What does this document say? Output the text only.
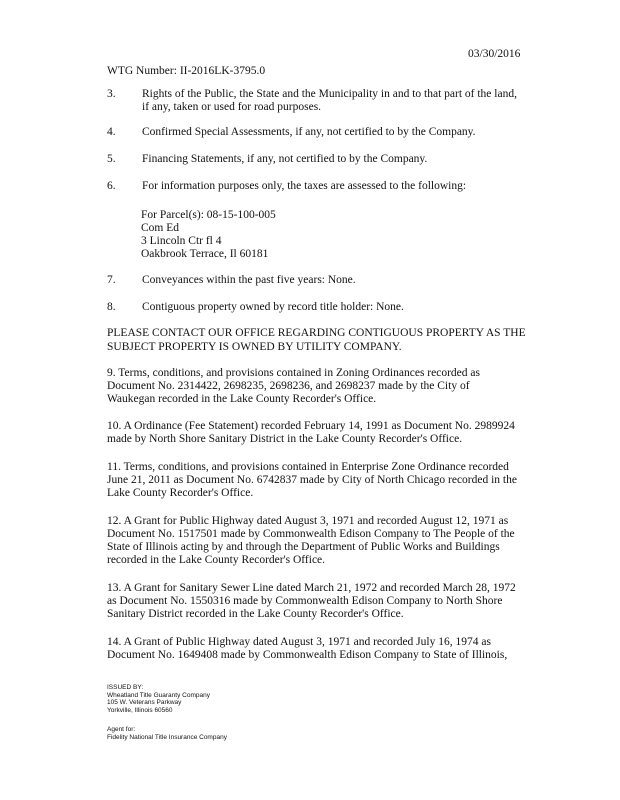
03/30/2016
WTG Number: II-2016LK-3795.0
3. Rights of the Public, the State and the Municipality in and to that part of the land, if any, taken or used for road purposes.
4. Confirmed Special Assessments, if any, not certified to by the Company.
5. Financing Statements, if any, not certified to by the Company.
6. For information purposes only, the taxes are assessed to the following:
For Parcel(s): 08-15-100-005
Com Ed
3 Lincoln Ctr fl 4
Oakbrook Terrace, Il 60181
7. Conveyances within the past five years: None.
8. Contiguous property owned by record title holder: None.
PLEASE CONTACT OUR OFFICE REGARDING CONTIGUOUS PROPERTY AS THE SUBJECT PROPERTY IS OWNED BY UTILITY COMPANY.
9. Terms, conditions, and provisions contained in Zoning Ordinances recorded as Document No. 2314422, 2698235, 2698236, and 2698237 made by the City of Waukegan recorded in the Lake County Recorder's Office.
10. A Ordinance (Fee Statement) recorded February 14, 1991 as Document No. 2989924 made by North Shore Sanitary District in the Lake County Recorder's Office.
11. Terms, conditions, and provisions contained in Enterprise Zone Ordinance recorded June 21, 2011 as Document No. 6742837 made by City of North Chicago recorded in the Lake County Recorder's Office.
12. A Grant for Public Highway dated August 3, 1971 and recorded August 12, 1971 as Document No. 1517501 made by Commonwealth Edison Company to The People of the State of Illinois acting by and through the Department of Public Works and Buildings recorded in the Lake County Recorder's Office.
13. A Grant for Sanitary Sewer Line dated March 21, 1972 and recorded March 28, 1972 as Document No. 1550316 made by Commonwealth Edison Company to North Shore Sanitary District recorded in the Lake County Recorder's Office.
14. A Grant of Public Highway dated August 3, 1971 and recorded July 16, 1974 as Document No. 1649408 made by Commonwealth Edison Company to State of Illinois,
ISSUED BY:
Wheatland Title Guaranty Company
105 W. Veterans Parkway
Yorkville, Illinois 60560
Agent for:
Fidelity National Title Insurance Company
